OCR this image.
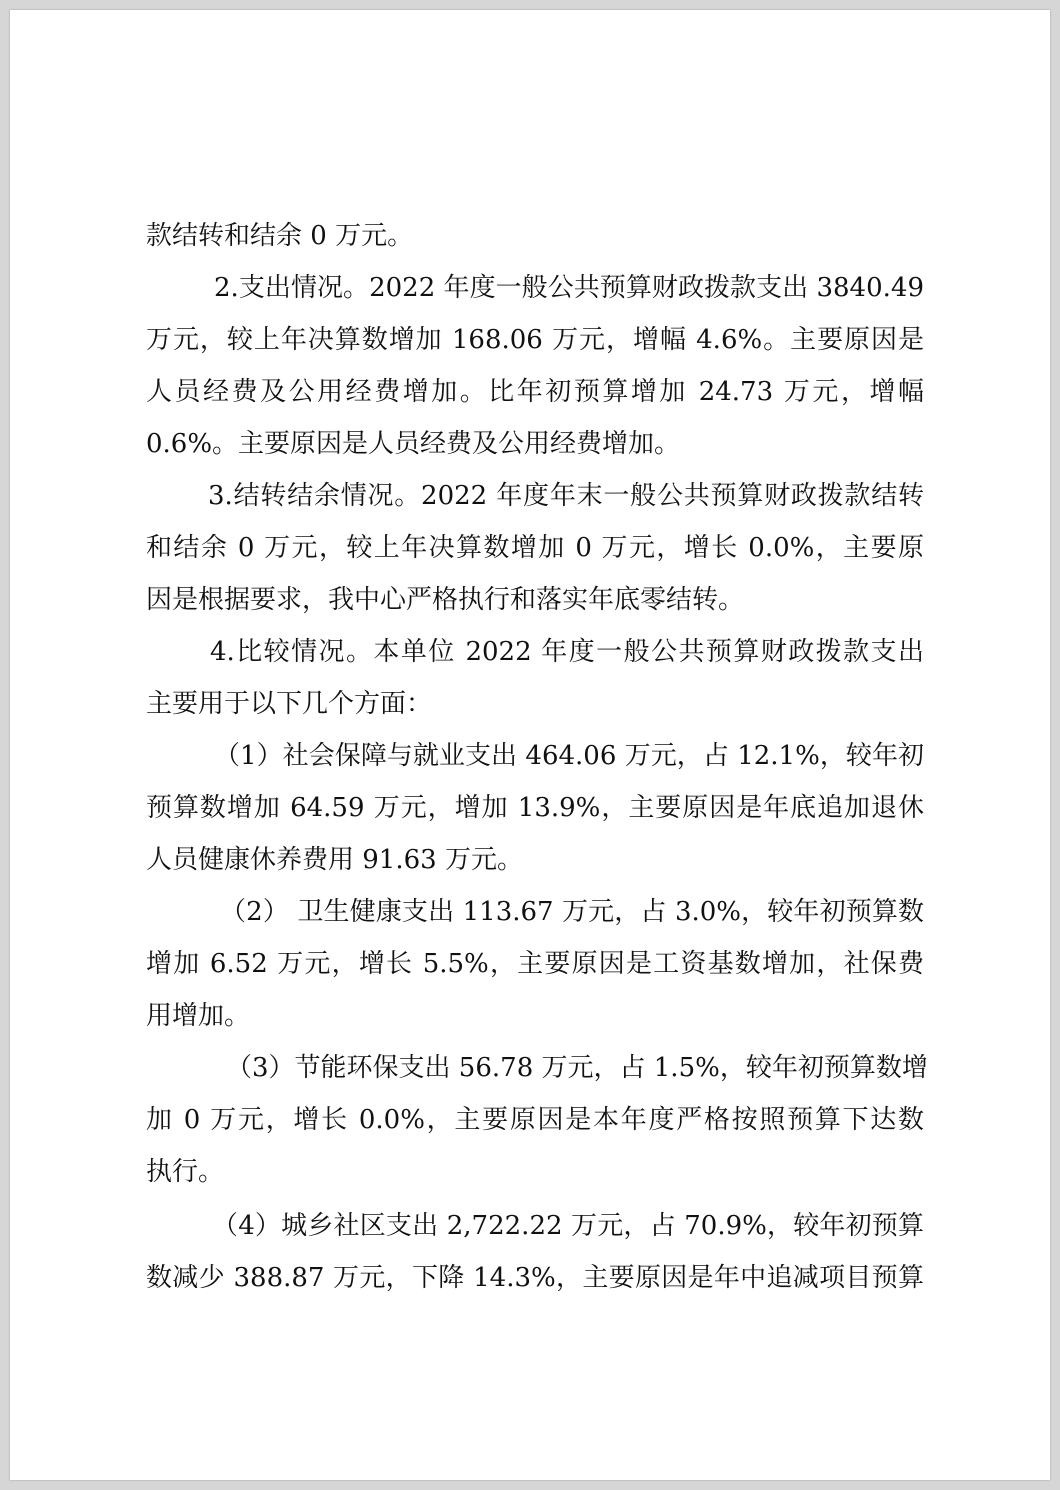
款结转和结余 0 万元。
2.支出情况。2022 年度一般公共预算财政拨款支出 3840.49
万元，较上年决算数增加 168.06 万元，增幅 4.6%。主要原因是
人员经费及公用经费增加。比年初预算增加 24.73 万元，增幅
0.6%。主要原因是人员经费及公用经费增加。
3.结转结余情况。2022 年度年末一般公共预算财政拨款结转
和结余 0 万元，较上年决算数增加 0 万元，增长 0.0%，主要原
因是根据要求，我中心严格执行和落实年底零结转。
4.比较情况。本单位 2022 年度一般公共预算财政拨款支出
主要用于以下几个方面：
（1）社会保障与就业支出 464.06 万元，占 12.1%，较年初
预算数增加 64.59 万元，增加 13.9%，主要原因是年底追加退休
人员健康休养费用 91.63 万元。
（2） 卫生健康支出 113.67 万元，占 3.0%，较年初预算数
增加 6.52 万元，增长 5.5%，主要原因是工资基数增加，社保费
用增加。
（3）节能环保支出 56.78 万元，占 1.5%，较年初预算数增
加 0 万元，增长 0.0%，主要原因是本年度严格按照预算下达数
执行。
（4）城乡社区支出 2,722.22 万元，占 70.9%，较年初预算
数减少 388.87 万元，下降 14.3%，主要原因是年中追减项目预算
